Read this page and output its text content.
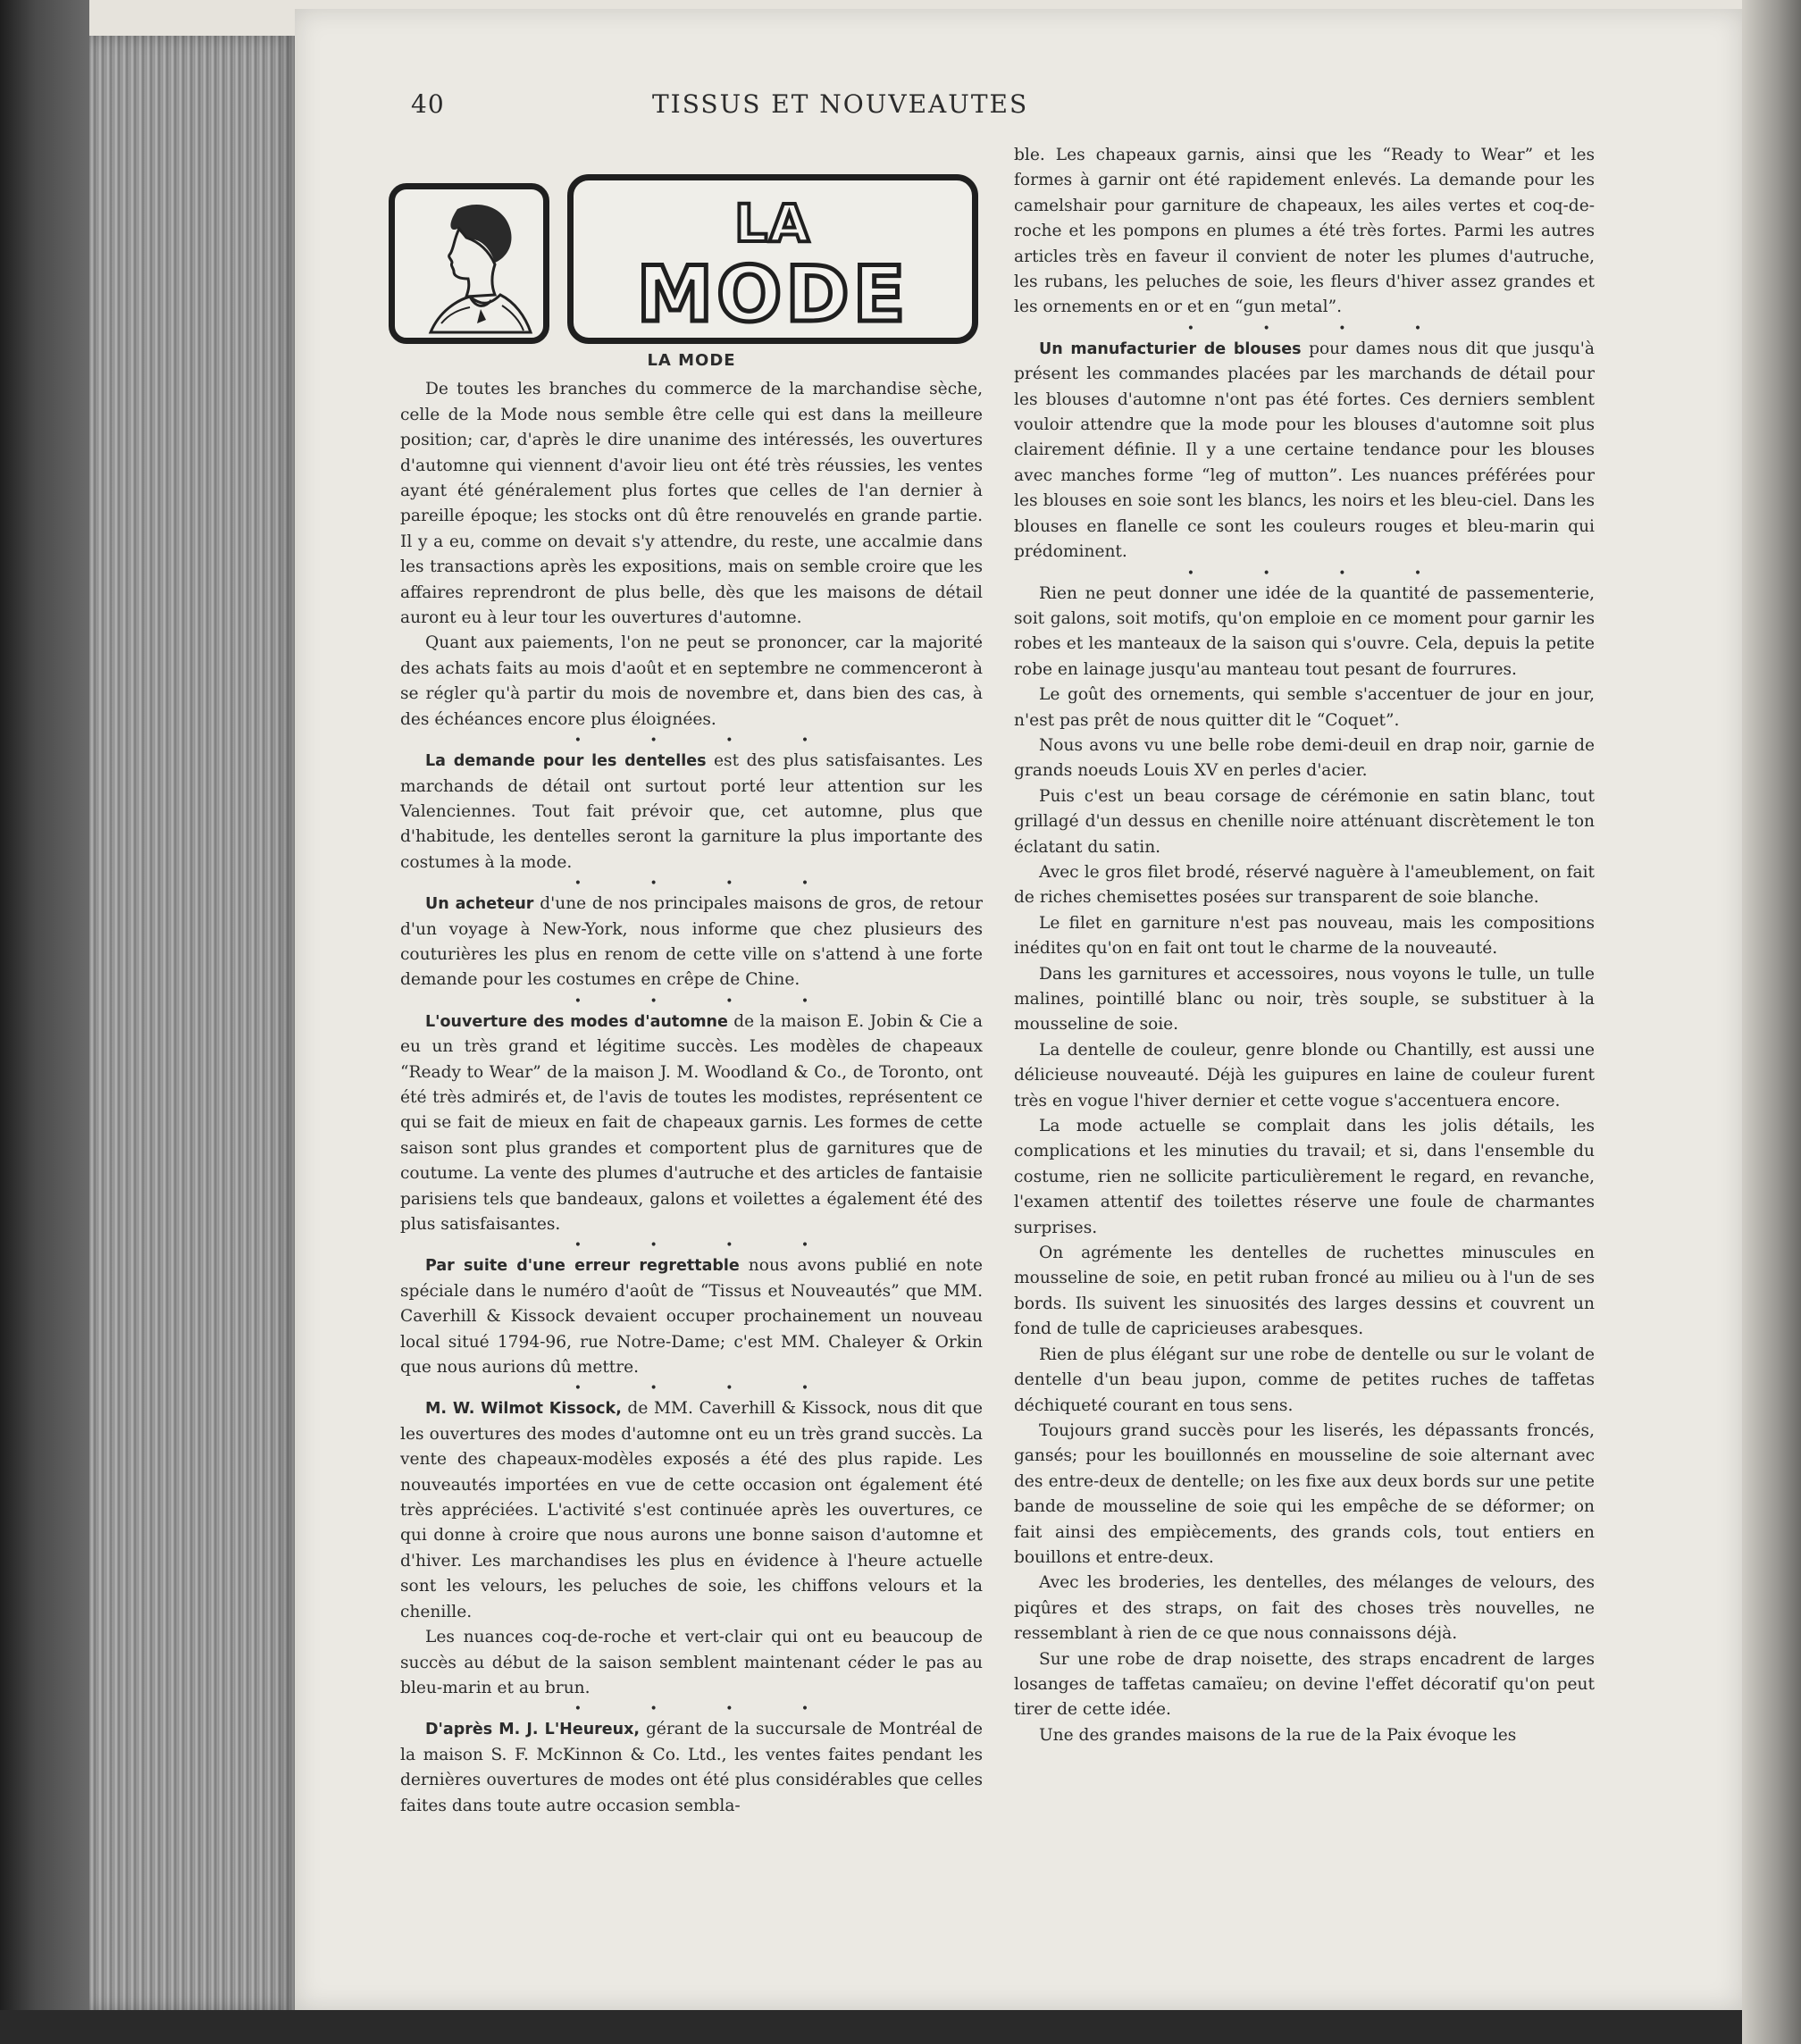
40	TISSUS ET NOUVEAUTES
LA
MODE
LA MODE

De toutes les branches du commerce de la marchandise sèche, celle de la Mode nous semble être celle qui est dans la meilleure position; car, d'après le dire unanime des intéressés, les ouvertures d'automne qui viennent d'avoir lieu ont été très réussies, les ventes ayant été généralement plus fortes que celles de l'an dernier à pareille époque; les stocks ont dû être renouvelés en grande partie. Il y a eu, comme on devait s'y attendre, du reste, une accalmie dans les transactions après les expositions, mais on semble croire que les affaires reprendront de plus belle, dès que les maisons de détail auront eu à leur tour les ouvertures d'automne.

Quant aux paiements, l'on ne peut se prononcer, car la majorité des achats faits au mois d'août et en septembre ne commenceront à se régler qu'à partir du mois de novembre et, dans bien des cas, à des échéances encore plus éloignées.

• • • •

La demande pour les dentelles est des plus satisfaisantes. Les marchands de détail ont surtout porté leur attention sur les Valenciennes. Tout fait prévoir que, cet automne, plus que d'habitude, les dentelles seront la garniture la plus importante des costumes à la mode.

• • • •

Un acheteur d'une de nos principales maisons de gros, de retour d'un voyage à New-York, nous informe que chez plusieurs des couturières les plus en renom de cette ville on s'attend à une forte demande pour les costumes en crêpe de Chine.

• • • •

L'ouverture des modes d'automne de la maison E. Jobin & Cie a eu un très grand et légitime succès. Les modèles de chapeaux “Ready to Wear” de la maison J. M. Woodland & Co., de Toronto, ont été très admirés et, de l'avis de toutes les modistes, représentent ce qui se fait de mieux en fait de chapeaux garnis. Les formes de cette saison sont plus grandes et comportent plus de garnitures que de coutume. La vente des plumes d'autruche et des articles de fantaisie parisiens tels que bandeaux, galons et voilettes a également été des plus satisfaisantes.

• • • •

Par suite d'une erreur regrettable nous avons publié en note spéciale dans le numéro d'août de “Tissus et Nouveautés” que MM. Caverhill & Kissock devaient occuper prochainement un nouveau local situé 1794-96, rue Notre-Dame; c'est MM. Chaleyer & Orkin que nous aurions dû mettre.

• • • •

M. W. Wilmot Kissock, de MM. Caverhill & Kissock, nous dit que les ouvertures des modes d'automne ont eu un très grand succès. La vente des chapeaux-modèles exposés a été des plus rapide. Les nouveautés importées en vue de cette occasion ont également été très appréciées. L'activité s'est continuée après les ouvertures, ce qui donne à croire que nous aurons une bonne saison d'automne et d'hiver. Les marchandises les plus en évidence à l'heure actuelle sont les velours, les peluches de soie, les chiffons velours et la chenille.

Les nuances coq-de-roche et vert-clair qui ont eu beaucoup de succès au début de la saison semblent maintenant céder le pas au bleu-marin et au brun.

• • • •

D'après M. J. L'Heureux, gérant de la succursale de Montréal de la maison S. F. McKinnon & Co. Ltd., les ventes faites pendant les dernières ouvertures de modes ont été plus considérables que celles faites dans toute autre occasion sembla-

ble. Les chapeaux garnis, ainsi que les “Ready to Wear” et les formes à garnir ont été rapidement enlevés. La demande pour les camelshair pour garniture de chapeaux, les ailes vertes et coq-de-roche et les pompons en plumes a été très fortes. Parmi les autres articles très en faveur il convient de noter les plumes d'autruche, les rubans, les peluches de soie, les fleurs d'hiver assez grandes et les ornements en or et en “gun metal”.

• • • •

Un manufacturier de blouses pour dames nous dit que jusqu'à présent les commandes placées par les marchands de détail pour les blouses d'automne n'ont pas été fortes. Ces derniers semblent vouloir attendre que la mode pour les blouses d'automne soit plus clairement définie. Il y a une certaine tendance pour les blouses avec manches forme “leg of mutton”. Les nuances préférées pour les blouses en soie sont les blancs, les noirs et les bleu-ciel. Dans les blouses en flanelle ce sont les couleurs rouges et bleu-marin qui prédominent.

• • • •

Rien ne peut donner une idée de la quantité de passementerie, soit galons, soit motifs, qu'on emploie en ce moment pour garnir les robes et les manteaux de la saison qui s'ouvre. Cela, depuis la petite robe en lainage jusqu'au manteau tout pesant de fourrures.

Le goût des ornements, qui semble s'accentuer de jour en jour, n'est pas prêt de nous quitter dit le “Coquet”.

Nous avons vu une belle robe demi-deuil en drap noir, garnie de grands noeuds Louis XV en perles d'acier.

Puis c'est un beau corsage de cérémonie en satin blanc, tout grillagé d'un dessus en chenille noire atténuant discrètement le ton éclatant du satin.

Avec le gros filet brodé, réservé naguère à l'ameublement, on fait de riches chemisettes posées sur transparent de soie blanche.

Le filet en garniture n'est pas nouveau, mais les compositions inédites qu'on en fait ont tout le charme de la nouveauté.

Dans les garnitures et accessoires, nous voyons le tulle, un tulle malines, pointillé blanc ou noir, très souple, se substituer à la mousseline de soie.

La dentelle de couleur, genre blonde ou Chantilly, est aussi une délicieuse nouveauté. Déjà les guipures en laine de couleur furent très en vogue l'hiver dernier et cette vogue s'accentuera encore.

La mode actuelle se complait dans les jolis détails, les complications et les minuties du travail; et si, dans l'ensemble du costume, rien ne sollicite particulièrement le regard, en revanche, l'examen attentif des toilettes réserve une foule de charmantes surprises.

On agrémente les dentelles de ruchettes minuscules en mousseline de soie, en petit ruban froncé au milieu ou à l'un de ses bords. Ils suivent les sinuosités des larges dessins et couvrent un fond de tulle de capricieuses arabesques.

Rien de plus élégant sur une robe de dentelle ou sur le volant de dentelle d'un beau jupon, comme de petites ruches de taffetas déchiqueté courant en tous sens.

Toujours grand succès pour les liserés, les dépassants froncés, gansés; pour les bouillonnés en mousseline de soie alternant avec des entre-deux de dentelle; on les fixe aux deux bords sur une petite bande de mousseline de soie qui les empêche de se déformer; on fait ainsi des empiècements, des grands cols, tout entiers en bouillons et entre-deux.

Avec les broderies, les dentelles, des mélanges de velours, des piqûres et des straps, on fait des choses très nouvelles, ne ressemblant à rien de ce que nous connaissons déjà.

Sur une robe de drap noisette, des straps encadrent de larges losanges de taffetas camaïeu; on devine l'effet décoratif qu'on peut tirer de cette idée.

Une des grandes maisons de la rue de la Paix évoque les
